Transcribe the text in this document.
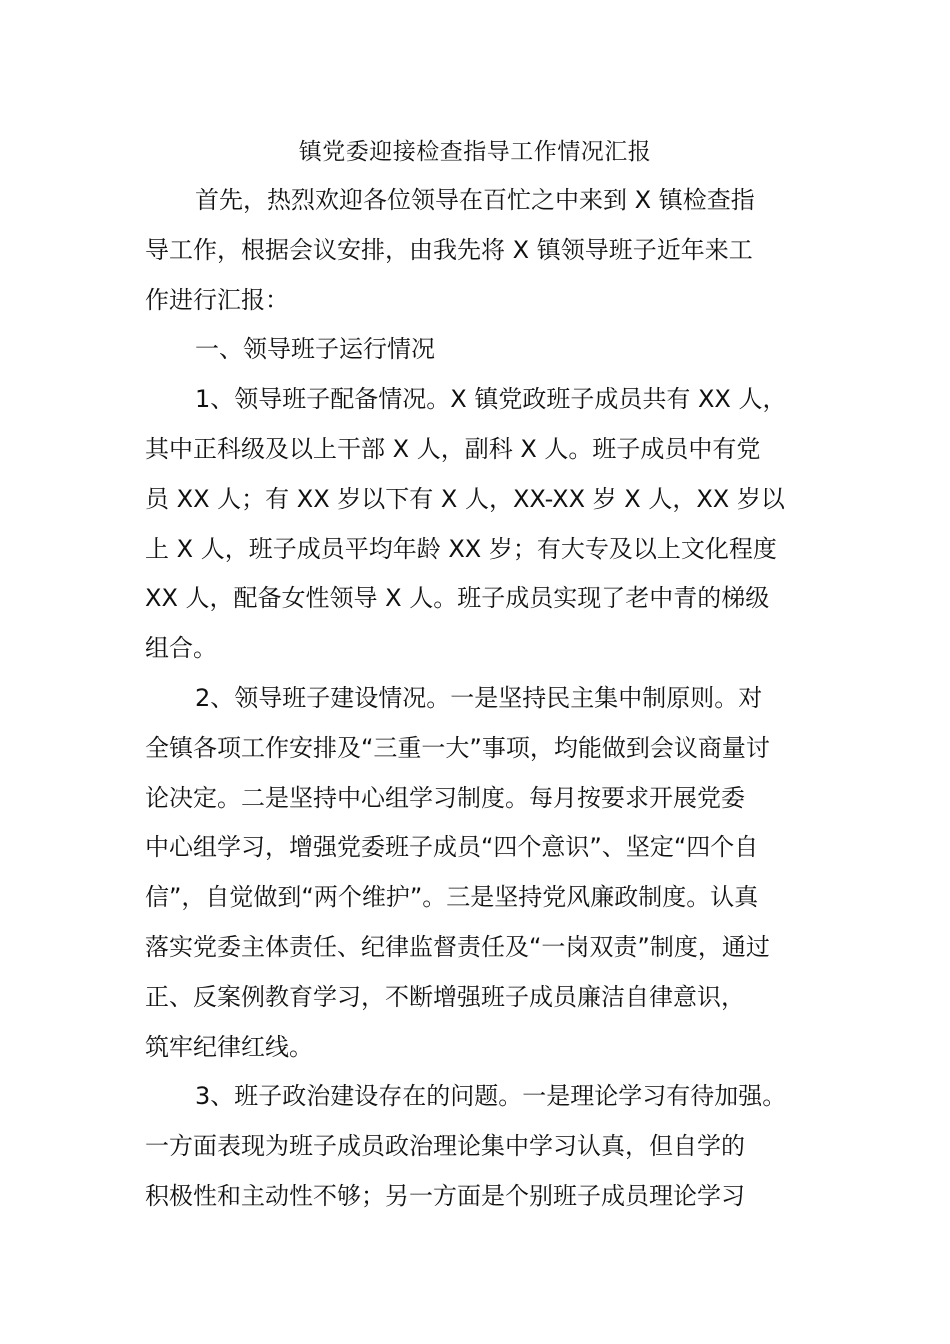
镇党委迎接检查指导工作情况汇报
首先，热烈欢迎各位领导在百忙之中来到 X 镇检查指
导工作，根据会议安排，由我先将 X 镇领导班子近年来工
作进行汇报：
一、领导班子运行情况
1、领导班子配备情况。X 镇党政班子成员共有 XX 人，
其中正科级及以上干部 X 人，副科 X 人。班子成员中有党
员 XX 人；有 XX 岁以下有 X 人，XX-XX 岁 X 人，XX 岁以
上 X 人，班子成员平均年龄 XX 岁；有大专及以上文化程度
XX 人，配备女性领导 X 人。班子成员实现了老中青的梯级
组合。
2、领导班子建设情况。一是坚持民主集中制原则。对
全镇各项工作安排及“三重一大”事项，均能做到会议商量讨
论决定。二是坚持中心组学习制度。每月按要求开展党委
中心组学习，增强党委班子成员“四个意识”、坚定“四个自
信”，自觉做到“两个维护”。三是坚持党风廉政制度。认真
落实党委主体责任、纪律监督责任及“一岗双责”制度，通过
正、反案例教育学习，不断增强班子成员廉洁自律意识，
筑牢纪律红线。
3、班子政治建设存在的问题。一是理论学习有待加强。
一方面表现为班子成员政治理论集中学习认真，但自学的
积极性和主动性不够；另一方面是个别班子成员理论学习
